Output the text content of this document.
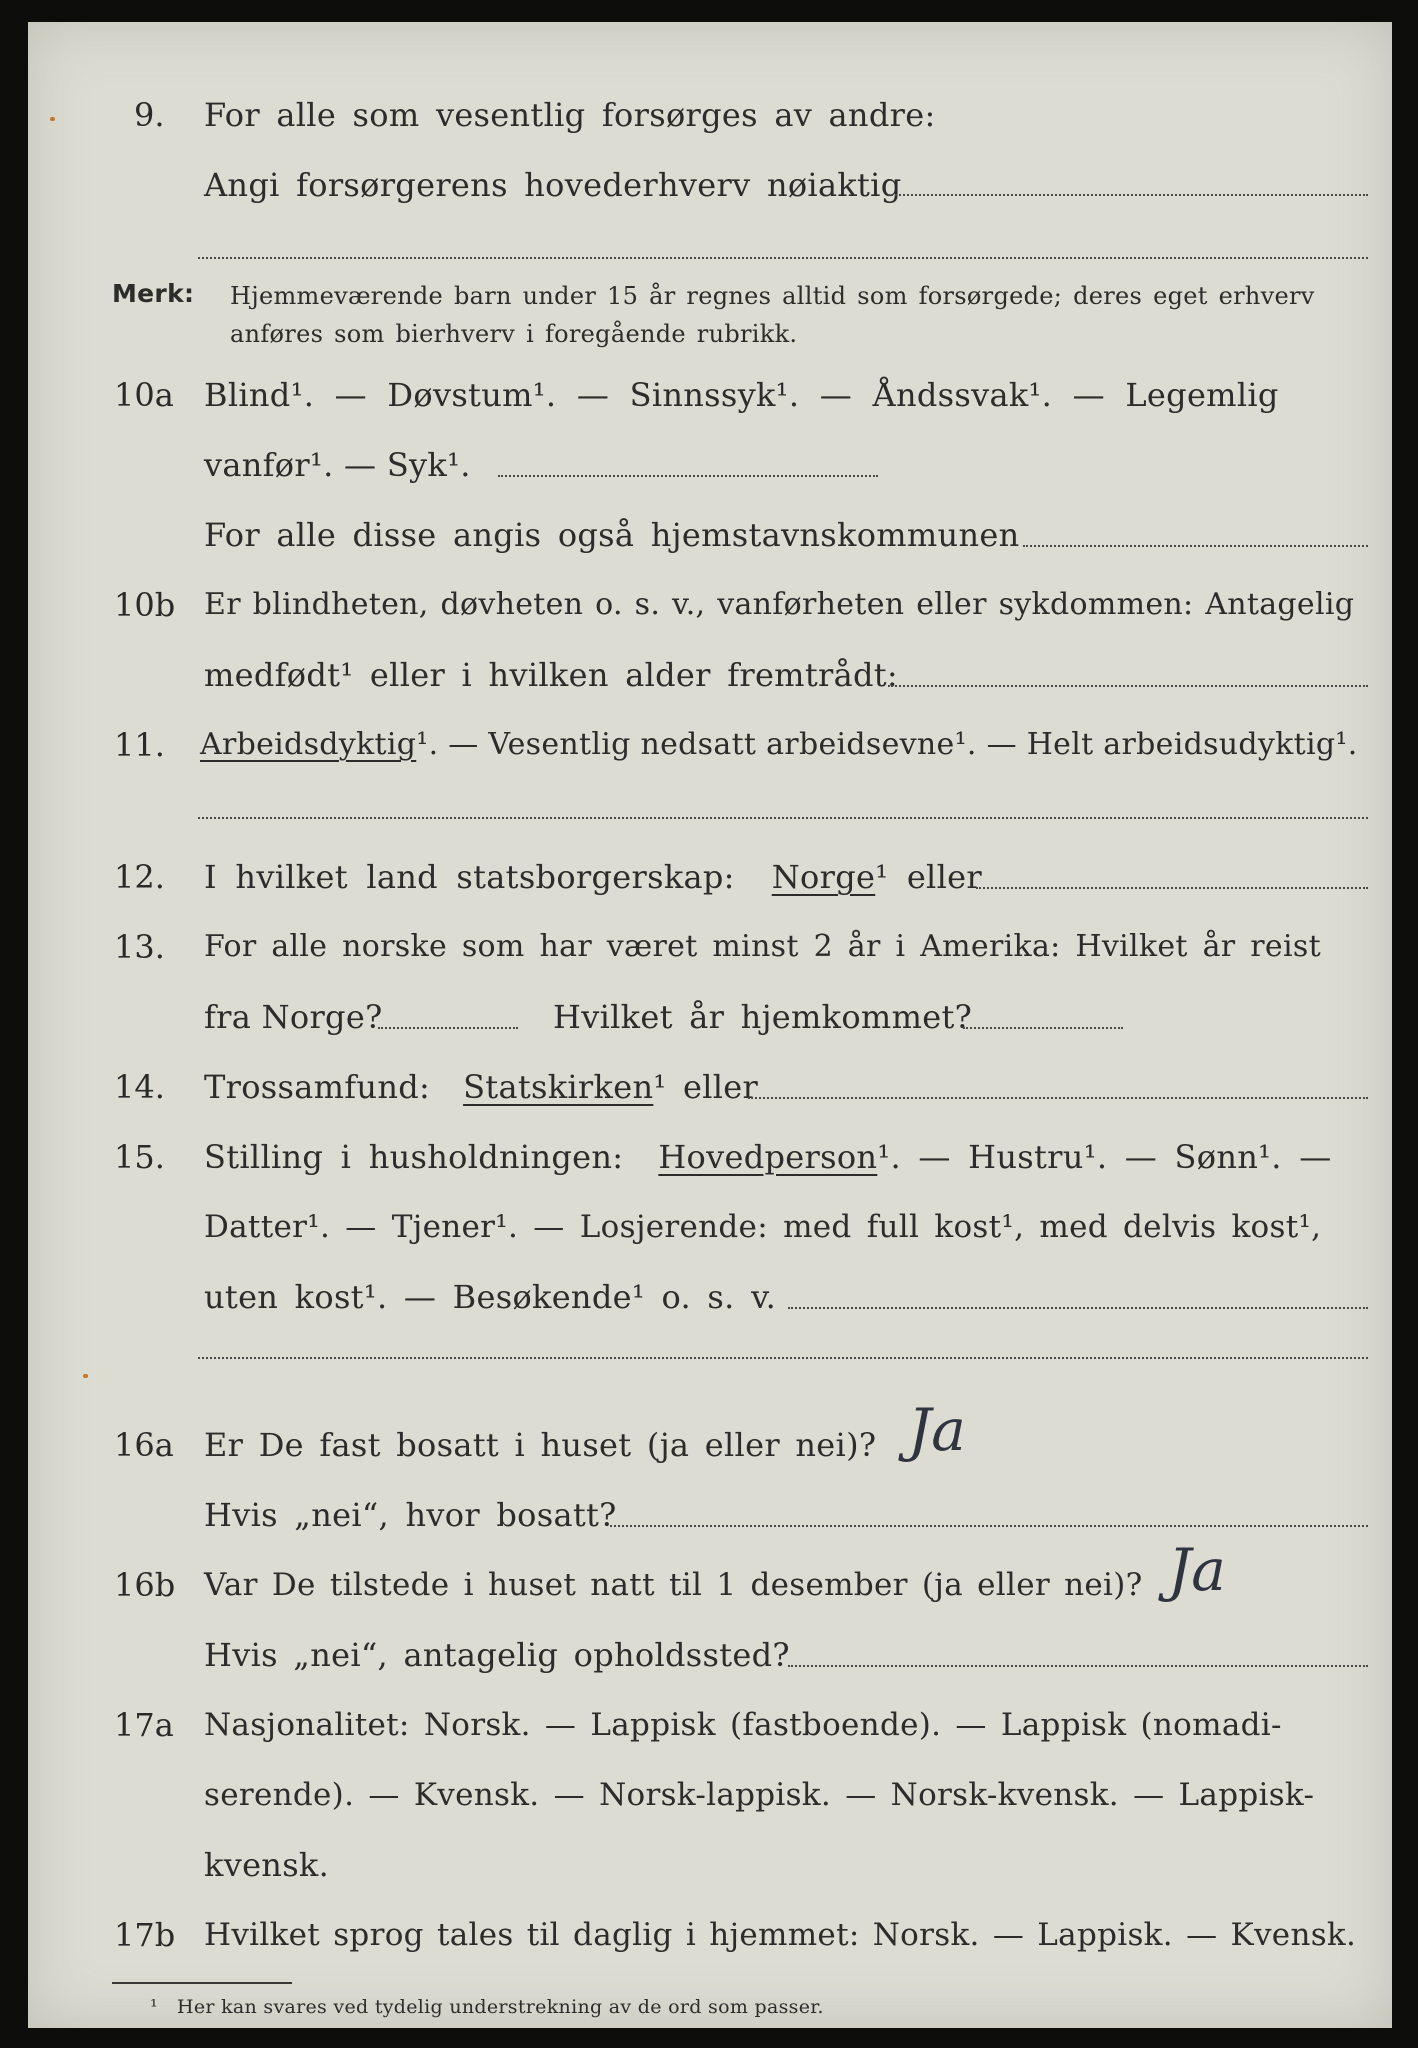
9.	For alle som vesentlig forsørges av andre:
Angi forsørgerens hovederhverv nøiaktig
Merk: Hjemmeværende barn under 15 år regnes alltid som forsørgede; deres eget erhverv
anføres som bierhverv i foregående rubrikk.
10a Blind¹. — Døvstum¹. — Sinnssyk¹. — Åndssvak¹. — Legemlig
vanfør¹. — Syk¹.
For alle disse angis også hjemstavnskommunen
10b Er blindheten, døvheten o. s. v., vanførheten eller sykdommen: Antagelig
medfødt¹ eller i hvilken alder fremtrådt:
11.	Arbeidsdyktig¹. — Vesentlig nedsatt arbeidsevne¹. — Helt arbeidsudyktig¹.
12.	I hvilket land statsborgerskap: Norge¹ eller
13.	For alle norske som har været minst 2 år i Amerika: Hvilket år reist
fra Norge?	Hvilket år hjemkommet?
14.	Trossamfund: Statskirken¹ eller
15.	Stilling i husholdningen: Hovedperson¹. — Hustru¹. — Sønn¹. —
Datter¹. — Tjener¹. — Losjerende: med full kost¹, med delvis kost¹,
uten kost¹. — Besøkende¹ o. s. v.
16a Er De fast bosatt i huset (ja eller nei)? Ja
Hvis „nei“, hvor bosatt?
16b Var De tilstede i huset natt til 1 desember (ja eller nei)? Ja
Hvis „nei“, antagelig opholdssted?
17a Nasjonalitet: Norsk. — Lappisk (fastboende). — Lappisk (nomadi-
serende). — Kvensk. — Norsk-lappisk. — Norsk-kvensk. — Lappisk-
kvensk.
17b Hvilket sprog tales til daglig i hjemmet: Norsk. — Lappisk. — Kvensk.
¹ Her kan svares ved tydelig understrekning av de ord som passer.
